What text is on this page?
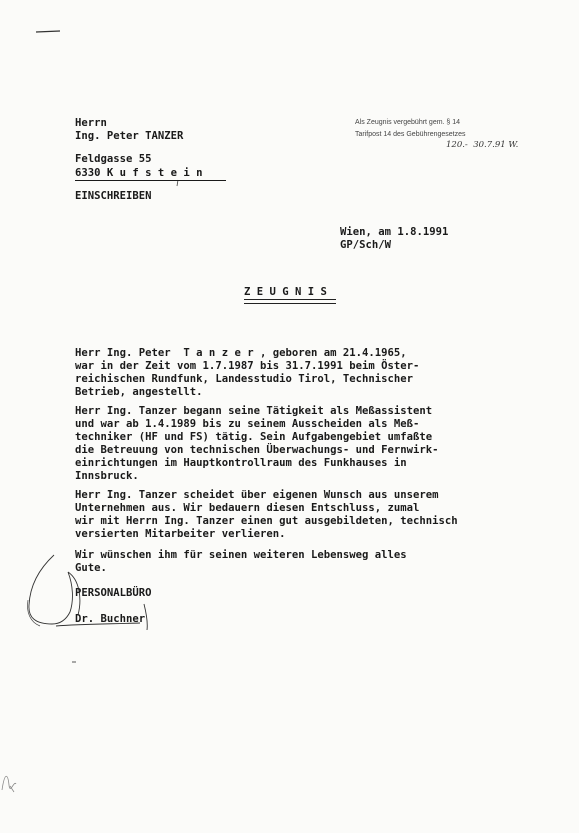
Herrn
Ing. Peter TANZER
Feldgasse 55
6330 K u f s t e i n
EINSCHREIBEN
Als Zeugnis vergebührt gem. § 14
Tarifpost 14 des Gebührengesetzes
120.-  30.7.91 W.
Wien, am 1.8.1991
GP/Sch/W
Z E U G N I S
Herr Ing. Peter  T a n z e r , geboren am 21.4.1965,
war in der Zeit vom 1.7.1987 bis 31.7.1991 beim Öster-
reichischen Rundfunk, Landesstudio Tirol, Technischer
Betrieb, angestellt.
Herr Ing. Tanzer begann seine Tätigkeit als Meßassistent
und war ab 1.4.1989 bis zu seinem Ausscheiden als Meß-
techniker (HF und FS) tätig. Sein Aufgabengebiet umfaßte
die Betreuung von technischen Überwachungs- und Fernwirk-
einrichtungen im Hauptkontrollraum des Funkhauses in
Innsbruck.
Herr Ing. Tanzer scheidet über eigenen Wunsch aus unserem
Unternehmen aus. Wir bedauern diesen Entschluss, zumal
wir mit Herrn Ing. Tanzer einen gut ausgebildeten, technisch
versierten Mitarbeiter verlieren.
Wir wünschen ihm für seinen weiteren Lebensweg alles
Gute.
PERSONALBÜRO
Dr. Buchner
